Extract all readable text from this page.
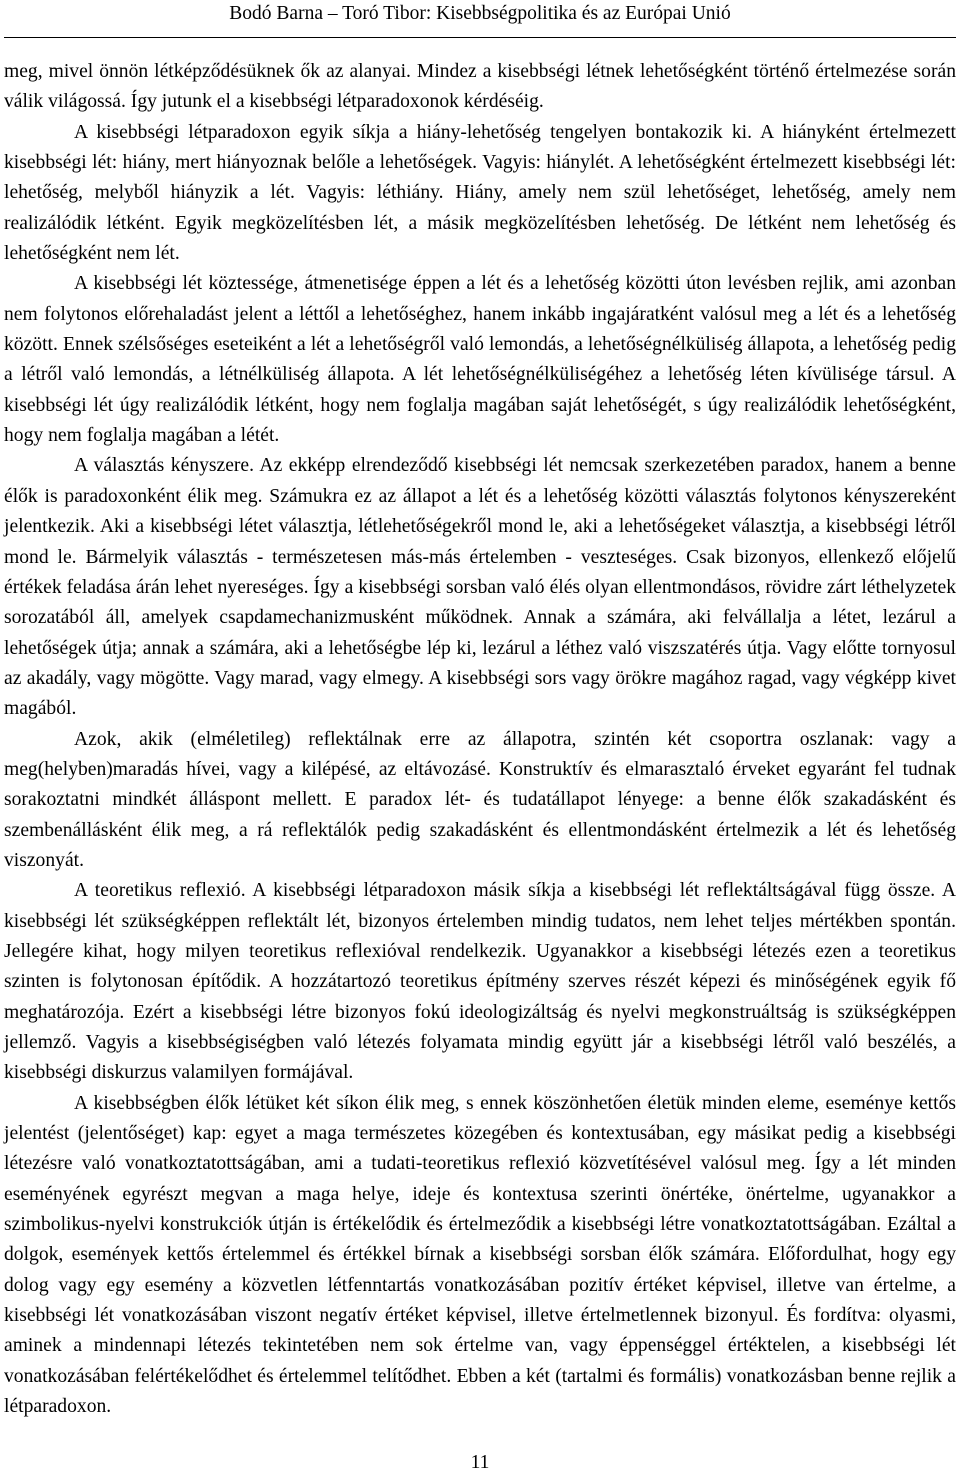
Bodó Barna – Toró Tibor: Kisebbségpolitika és az Európai Unió

meg, mivel önnön létképződésüknek ők az alanyai. Mindez a kisebbségi létnek lehetőségként történő értelmezése során válik világossá. Így jutunk el a kisebbségi létparadoxonok kérdéséig.

A kisebbségi létparadoxon egyik síkja a hiány-lehetőség tengelyen bontakozik ki. A hiányként értelmezett kisebbségi lét: hiány, mert hiányoznak belőle a lehetőségek. Vagyis: hiánylét. A lehetőségként értelmezett kisebbségi lét: lehetőség, melyből hiányzik a lét. Vagyis: léthiány. Hiány, amely nem szül lehetőséget, lehetőség, amely nem realizálódik létként. Egyik megközelítésben lét, a másik megközelítésben lehetőség. De létként nem lehetőség és lehetőségként nem lét.

A kisebbségi lét köztessége, átmenetisége éppen a lét és a lehetőség közötti úton levésben rejlik, ami azonban nem folytonos előrehaladást jelent a léttől a lehetőséghez, hanem inkább ingajáratként valósul meg a lét és a lehetőség között. Ennek szélsőséges eseteiként a lét a lehetőségről való lemondás, a lehetőségnélküliség állapota, a lehetőség pedig a létről való lemondás, a létnélküliség állapota. A lét lehetőségnélküliségéhez a lehetőség léten kívülisége társul. A kisebbségi lét úgy realizálódik létként, hogy nem foglalja magában saját lehetőségét, s úgy realizálódik lehetőségként, hogy nem foglalja magában a létét.

A választás kényszere. Az ekképp elrendeződő kisebbségi lét nemcsak szerkezetében paradox, hanem a benne élők is paradoxonként élik meg. Számukra ez az állapot a lét és a lehetőség közötti választás folytonos kényszereként jelentkezik. Aki a kisebbségi létet választja, létlehetőségekről mond le, aki a lehetőségeket választja, a kisebbségi létről mond le. Bármelyik választás - természetesen más-más értelemben - veszteséges. Csak bizonyos, ellenkező előjelű értékek feladása árán lehet nyereséges. Így a kisebbségi sorsban való élés olyan ellentmondásos, rövidre zárt léthelyzetek sorozatából áll, amelyek csapdamechanizmusként működnek. Annak a számára, aki felvállalja a létet, lezárul a lehetőségek útja; annak a számára, aki a lehetőségbe lép ki, lezárul a léthez való viszszatérés útja. Vagy előtte tornyosul az akadály, vagy mögötte. Vagy marad, vagy elmegy. A kisebbségi sors vagy örökre magához ragad, vagy végképp kivet magából.

Azok, akik (elméletileg) reflektálnak erre az állapotra, szintén két csoportra oszlanak: vagy a meg(helyben)maradás hívei, vagy a kilépésé, az eltávozásé. Konstruktív és elmarasztaló érveket egyaránt fel tudnak sorakoztatni mindkét álláspont mellett. E paradox lét- és tudatállapot lényege: a benne élők szakadásként és szembenállásként élik meg, a rá reflektálók pedig szakadásként és ellentmondásként értelmezik a lét és lehetőség viszonyát.

A teoretikus reflexió. A kisebbségi létparadoxon másik síkja a kisebbségi lét reflektáltságával függ össze. A kisebbségi lét szükségképpen reflektált lét, bizonyos értelemben mindig tudatos, nem lehet teljes mértékben spontán. Jellegére kihat, hogy milyen teoretikus reflexióval rendelkezik. Ugyanakkor a kisebbségi létezés ezen a teoretikus szinten is folytonosan építődik. A hozzátartozó teoretikus építmény szerves részét képezi és minőségének egyik fő meghatározója. Ezért a kisebbségi létre bizonyos fokú ideologizáltság és nyelvi megkonstruáltság is szükségképpen jellemző. Vagyis a kisebbségiségben való létezés folyamata mindig együtt jár a kisebbségi létről való beszélés, a kisebbségi diskurzus valamilyen formájával.

A kisebbségben élők létüket két síkon élik meg, s ennek köszönhetően életük minden eleme, eseménye kettős jelentést (jelentőséget) kap: egyet a maga természetes közegében és kontextusában, egy másikat pedig a kisebbségi létezésre való vonatkoztatottságában, ami a tudati-teoretikus reflexió közvetítésével valósul meg. Így a lét minden eseményének egyrészt megvan a maga helye, ideje és kontextusa szerinti önértéke, önértelme, ugyanakkor a szimbolikus-nyelvi konstrukciók útján is értékelődik és értelmeződik a kisebbségi létre vonatkoztatottságában. Ezáltal a dolgok, események kettős értelemmel és értékkel bírnak a kisebbségi sorsban élők számára. Előfordulhat, hogy egy dolog vagy egy esemény a közvetlen létfenntartás vonatkozásában pozitív értéket képvisel, illetve van értelme, a kisebbségi lét vonatkozásában viszont negatív értéket képvisel, illetve értelmetlennek bizonyul. És fordítva: olyasmi, aminek a mindennapi létezés tekintetében nem sok értelme van, vagy éppenséggel értéktelen, a kisebbségi lét vonatkozásában felértékelődhet és értelemmel telítődhet. Ebben a két (tartalmi és formális) vonatkozásban benne rejlik a létparadoxon.

11
